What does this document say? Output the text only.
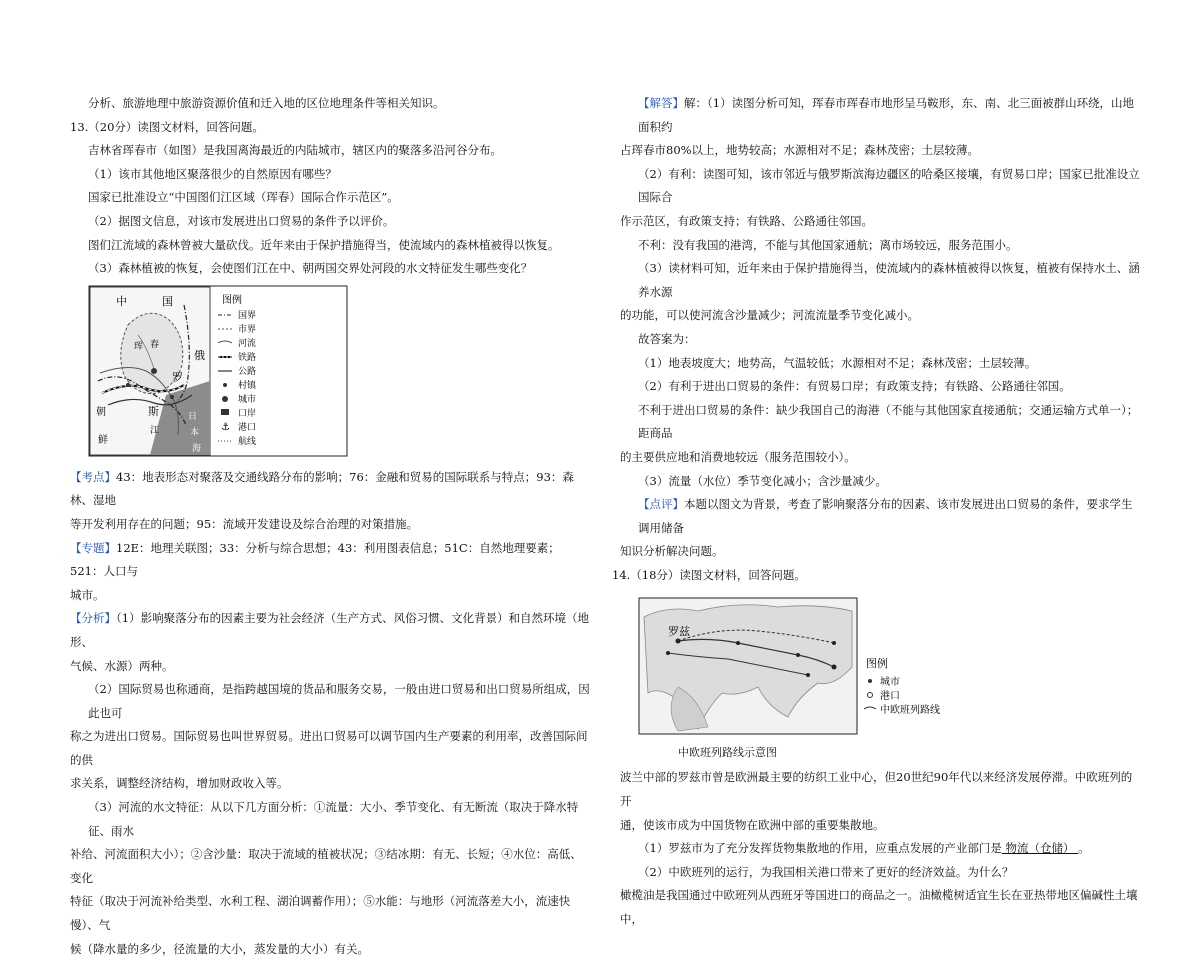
分析、旅游地理中旅游资源价值和迁入地的区位地理条件等相关知识。

13.（20分）读图文材料，回答问题。

吉林省珲春市（如图）是我国离海最近的内陆城市，辖区内的聚落多沿河谷分布。

（1）该市其他地区聚落很少的自然原因有哪些？

国家已批准设立“中国图们江区域（珲春）国际合作示范区”。

（2）据图文信息，对该市发展进出口贸易的条件予以评价。

图们江流域的森林曾被大量砍伐。近年来由于保护措施得当，使流域内的森林植被得以恢复。

（3）森林植被的恢复，会使图们江在中、朝两国交界处河段的水文特征发生哪些变化？

中	国
珲 春
俄
罗
斯
朝
鲜
江
日
本
海
图例
国界
市界
河流
铁路
公路
村镇
城市
口岸
⚓ 港口
航线

【考点】43：地表形态对聚落及交通线路分布的影响；76：金融和贸易的国际联系与特点；93：森林、湿地

等开发利用存在的问题；95：流域开发建设及综合治理的对策措施。

【专题】12E：地理关联图；33：分析与综合思想；43：利用图表信息；51C：自然地理要素；521：人口与

城市。

【分析】（1）影响聚落分布的因素主要为社会经济（生产方式、风俗习惯、文化背景）和自然环境（地形、

气候、水源）两种。

（2）国际贸易也称通商，是指跨越国境的货品和服务交易，一般由进口贸易和出口贸易所组成，因此也可

称之为进出口贸易。国际贸易也叫世界贸易。进出口贸易可以调节国内生产要素的利用率，改善国际间的供

求关系，调整经济结构，增加财政收入等。

（3）河流的水文特征：从以下几方面分析：①流量：大小、季节变化、有无断流（取决于降水特征、雨水

补给、河流面积大小）；②含沙量：取决于流域的植被状况；③结冰期：有无、长短；④水位：高低、变化

特征（取决于河流补给类型、水利工程、湖泊调蓄作用）；⑤水能：与地形（河流落差大小，流速快慢）、气

候（降水量的多少，径流量的大小，蒸发量的大小）有关。

【解答】解：（1）读图分析可知，珲春市珲春市地形呈马鞍形，东、南、北三面被群山环绕，山地面积约

占珲春市80%以上，地势较高；水源相对不足；森林茂密；土层较薄。

（2）有利：读图可知，该市邻近与俄罗斯滨海边疆区的哈桑区接壤，有贸易口岸；国家已批准设立国际合

作示范区，有政策支持；有铁路、公路通往邻国。

不利：没有我国的港湾，不能与其他国家通航；离市场较远，服务范围小。

（3）读材料可知，近年来由于保护措施得当，使流域内的森林植被得以恢复，植被有保持水土、涵养水源

的功能，可以使河流含沙量减少；河流流量季节变化减小。

故答案为：

（1）地表坡度大；地势高，气温较低；水源相对不足；森林茂密；土层较薄。

（2）有利于进出口贸易的条件：有贸易口岸；有政策支持；有铁路、公路通往邻国。

不利于进出口贸易的条件：缺少我国自己的海港（不能与其他国家直接通航；交通运输方式单一）；距商品

的主要供应地和消费地较远（服务范围较小）。

（3）流量（水位）季节变化减小；含沙量减少。

【点评】本题以图文为背景，考查了影响聚落分布的因素、该市发展进出口贸易的条件，要求学生调用储备

知识分析解决问题。

14.（18分）读图文材料，回答问题。

罗兹
图例
城市
港口
中欧班列路线
中欧班列路线示意图

波兰中部的罗兹市曾是欧洲最主要的纺织工业中心，但20世纪90年代以来经济发展停滞。中欧班列的开

通，使该市成为中国货物在欧洲中部的重要集散地。

（1）罗兹市为了充分发挥货物集散地的作用，应重点发展的产业部门是 物流（仓储） 。

（2）中欧班列的运行，为我国相关港口带来了更好的经济效益。为什么？

橄榄油是我国通过中欧班列从西班牙等国进口的商品之一。油橄榄树适宜生长在亚热带地区偏碱性土壤中，
